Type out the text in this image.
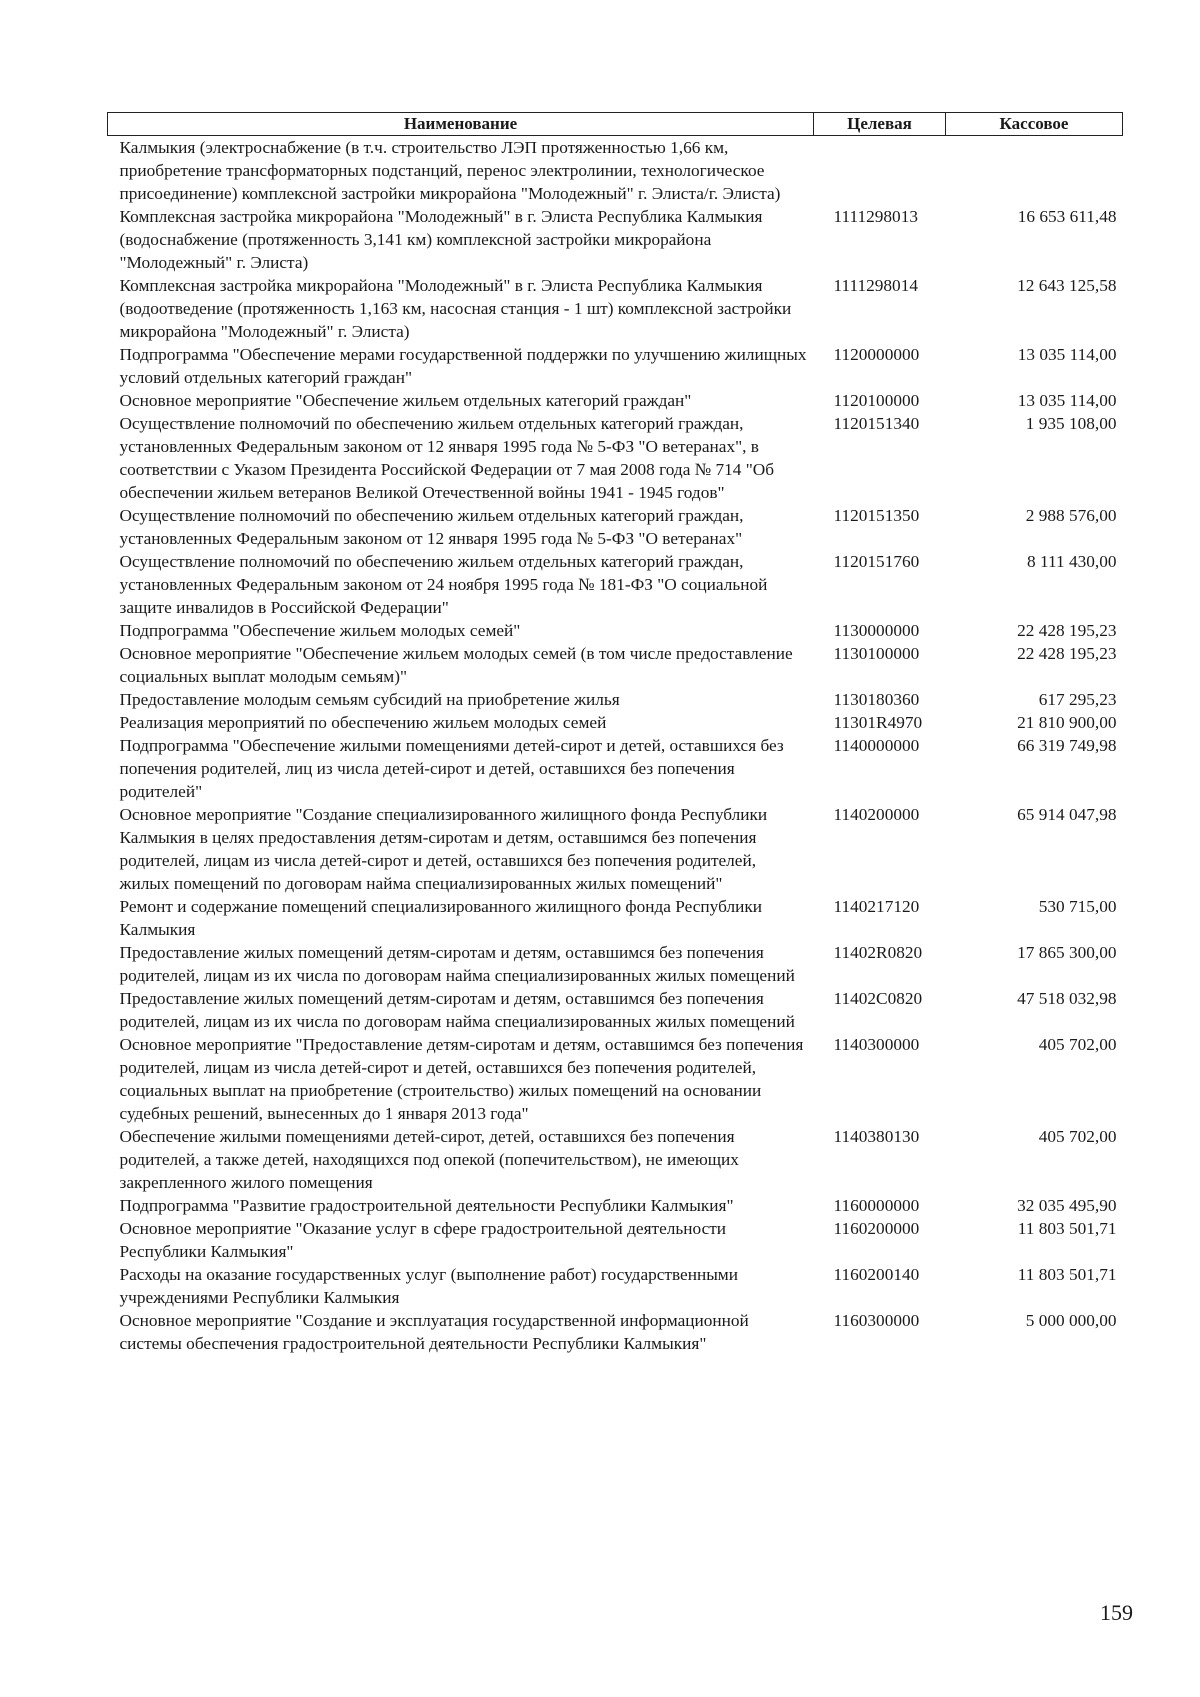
Наименование	Целевая	Кассовое
Калмыкия (электроснабжение (в т.ч. строительство ЛЭП протяженностью 1,66 км, приобретение трансформаторных подстанций, перенос электролинии, технологическое присоединение) комплексной застройки микрорайона "Молодежный" г. Элиста/г. Элиста)		
Комплексная застройка микрорайона "Молодежный" в г. Элиста Республика Калмыкия (водоснабжение (протяженность 3,141 км) комплексной застройки микрорайона "Молодежный" г. Элиста)	1111298013	16 653 611,48
Комплексная застройка микрорайона "Молодежный" в г. Элиста Республика Калмыкия (водоотведение (протяженность 1,163 км, насосная станция - 1 шт) комплексной застройки микрорайона "Молодежный" г. Элиста)	1111298014	12 643 125,58
Подпрограмма "Обеспечение мерами государственной поддержки по улучшению жилищных условий отдельных категорий граждан"	1120000000	13 035 114,00
Основное мероприятие "Обеспечение жильем отдельных категорий граждан"	1120100000	13 035 114,00
Осуществление полномочий по обеспечению жильем отдельных категорий граждан, установленных Федеральным законом от 12 января 1995 года № 5-ФЗ "О ветеранах", в соответствии с Указом Президента Российской Федерации от 7 мая 2008 года № 714 "Об обеспечении жильем ветеранов Великой Отечественной войны 1941 - 1945 годов"	1120151340	1 935 108,00
Осуществление полномочий по обеспечению жильем отдельных категорий граждан, установленных Федеральным законом от 12 января 1995 года № 5-ФЗ "О ветеранах"	1120151350	2 988 576,00
Осуществление полномочий по обеспечению жильем отдельных категорий граждан, установленных Федеральным законом от 24 ноября 1995 года № 181-ФЗ "О социальной защите инвалидов в Российской Федерации"	1120151760	8 111 430,00
Подпрограмма "Обеспечение жильем молодых семей"	1130000000	22 428 195,23
Основное мероприятие "Обеспечение жильем молодых семей (в том числе предоставление социальных выплат молодым семьям)"	1130100000	22 428 195,23
Предоставление молодым семьям субсидий на приобретение жилья	1130180360	617 295,23
Реализация мероприятий по обеспечению жильем молодых семей	11301R4970	21 810 900,00
Подпрограмма "Обеспечение жилыми помещениями детей-сирот и детей, оставшихся без попечения родителей, лиц из числа детей-сирот и детей, оставшихся без попечения родителей"	1140000000	66 319 749,98
Основное мероприятие "Создание специализированного жилищного фонда Республики Калмыкия в целях предоставления детям-сиротам и детям, оставшимся без попечения родителей, лицам из числа детей-сирот и детей, оставшихся без попечения родителей, жилых помещений по договорам найма специализированных жилых помещений"	1140200000	65 914 047,98
Ремонт и содержание помещений специализированного жилищного фонда Республики Калмыкия	1140217120	530 715,00
Предоставление жилых помещений детям-сиротам и детям, оставшимся без попечения родителей, лицам из их числа по договорам найма специализированных жилых помещений	11402R0820	17 865 300,00
Предоставление жилых помещений детям-сиротам и детям, оставшимся без попечения родителей, лицам из их числа по договорам найма специализированных жилых помещений	11402C0820	47 518 032,98
Основное мероприятие "Предоставление детям-сиротам и детям, оставшимся без попечения родителей, лицам из числа детей-сирот и детей, оставшихся без попечения родителей, социальных выплат на приобретение (строительство) жилых помещений на основании судебных решений, вынесенных до 1 января 2013 года"	1140300000	405 702,00
Обеспечение жилыми помещениями детей-сирот, детей, оставшихся без попечения родителей, а также детей, находящихся под опекой (попечительством), не имеющих закрепленного жилого помещения	1140380130	405 702,00
Подпрограмма "Развитие градостроительной деятельности Республики Калмыкия"	1160000000	32 035 495,90
Основное мероприятие "Оказание услуг в сфере градостроительной деятельности Республики Калмыкия"	1160200000	11 803 501,71
Расходы на оказание государственных услуг (выполнение работ) государственными учреждениями Республики Калмыкия	1160200140	11 803 501,71
Основное мероприятие "Создание и эксплуатация государственной информационной системы обеспечения градостроительной деятельности Республики Калмыкия"	1160300000	5 000 000,00
159
